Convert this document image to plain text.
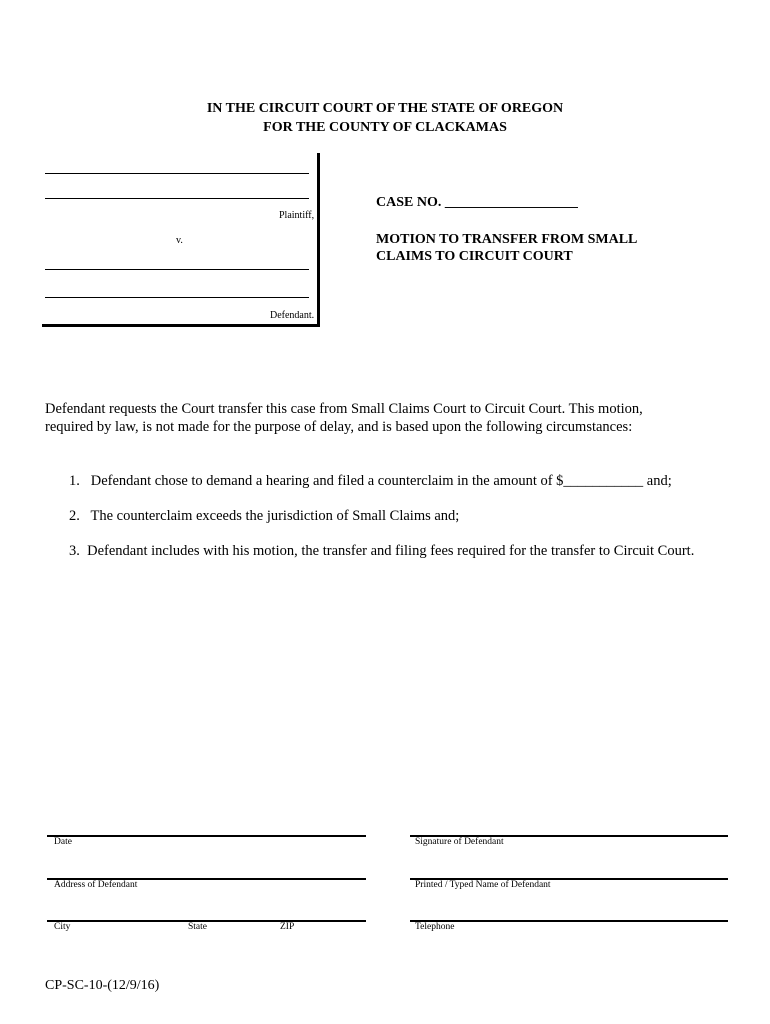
IN THE CIRCUIT COURT OF THE STATE OF OREGON
FOR THE COUNTY OF CLACKAMAS
Plaintiff,
v.
Defendant.
CASE NO. ___________________
MOTION TO TRANSFER FROM SMALL
CLAIMS TO CIRCUIT COURT
Defendant requests the Court transfer this case from Small Claims Court to Circuit Court. This motion,
required by law, is not made for the purpose of delay, and is based upon the following circumstances:
1.   Defendant chose to demand a hearing and filed a counterclaim in the amount of $___________ and;
2.   The counterclaim exceeds the jurisdiction of Small Claims and;
3.  Defendant includes with his motion, the transfer and filing fees required for the transfer to Circuit Court.
Date
Address of Defendant
City	State	ZIP
Signature of Defendant
Printed / Typed Name of Defendant
Telephone
CP-SC-10-(12/9/16)
